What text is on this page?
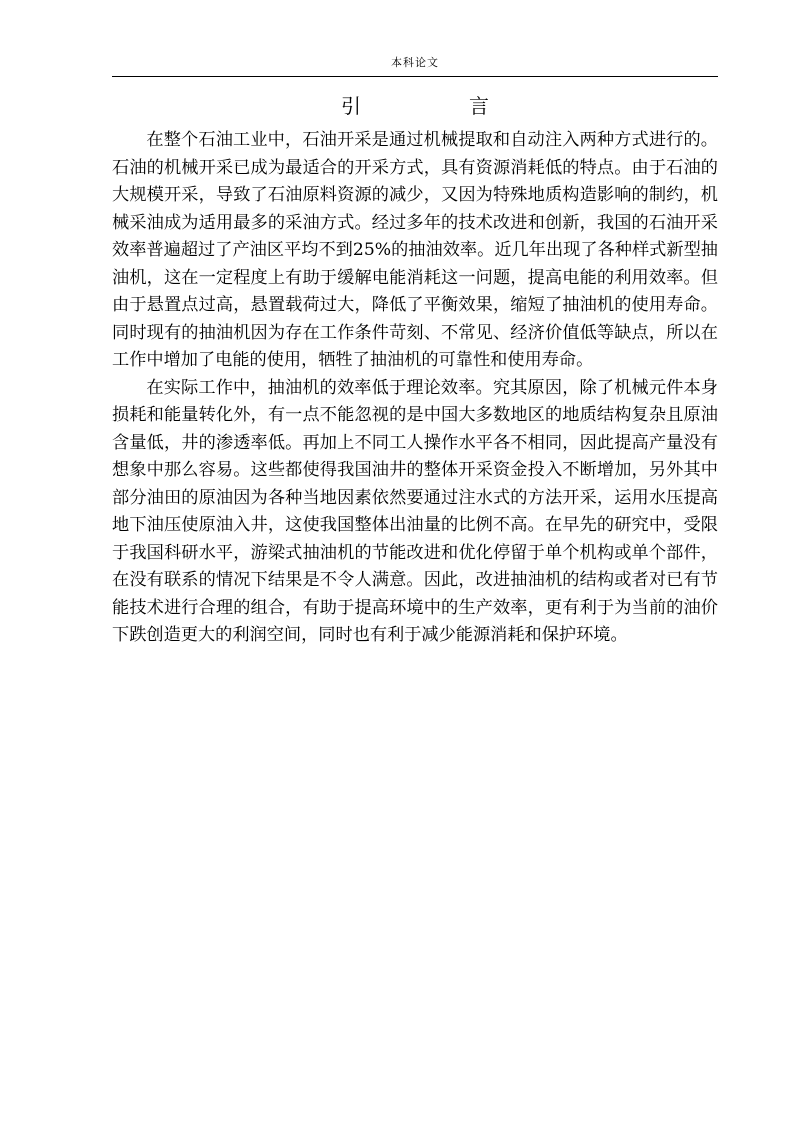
本科论文
引　言

在整个石油工业中，石油开采是通过机械提取和自动注入两种方式进行的。石油的机械开采已成为最适合的开采方式，具有资源消耗低的特点。由于石油的大规模开采，导致了石油原料资源的减少，又因为特殊地质构造影响的制约，机械采油成为适用最多的采油方式。经过多年的技术改进和创新，我国的石油开采效率普遍超过了产油区平均不到25%的抽油效率。近几年出现了各种样式新型抽油机，这在一定程度上有助于缓解电能消耗这一问题，提高电能的利用效率。但由于悬置点过高，悬置载荷过大，降低了平衡效果，缩短了抽油机的使用寿命。同时现有的抽油机因为存在工作条件苛刻、不常见、经济价值低等缺点，所以在工作中增加了电能的使用，牺牲了抽油机的可靠性和使用寿命。

在实际工作中，抽油机的效率低于理论效率。究其原因，除了机械元件本身损耗和能量转化外，有一点不能忽视的是中国大多数地区的地质结构复杂且原油含量低，井的渗透率低。再加上不同工人操作水平各不相同，因此提高产量没有想象中那么容易。这些都使得我国油井的整体开采资金投入不断增加，另外其中部分油田的原油因为各种当地因素依然要通过注水式的方法开采，运用水压提高地下油压使原油入井，这使我国整体出油量的比例不高。在早先的研究中，受限于我国科研水平，游梁式抽油机的节能改进和优化停留于单个机构或单个部件，在没有联系的情况下结果是不令人满意。因此，改进抽油机的结构或者对已有节能技术进行合理的组合，有助于提高环境中的生产效率，更有利于为当前的油价下跌创造更大的利润空间，同时也有利于减少能源消耗和保护环境。
